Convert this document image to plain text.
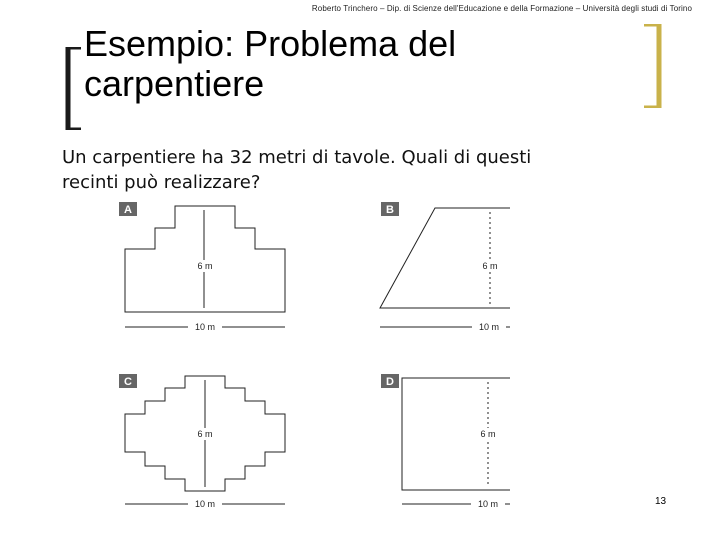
Roberto Trinchero – Dip. di Scienze dell'Educazione e della Formazione – Università degli studi di Torino
Esempio: Problema del
carpentiere
Un carpentiere ha 32 metri di tavole. Quali di questi
recinti può realizzare?
A
6 m
10 m
B
6 m
10 m
C
6 m
10 m
D
6 m
10 m	13
